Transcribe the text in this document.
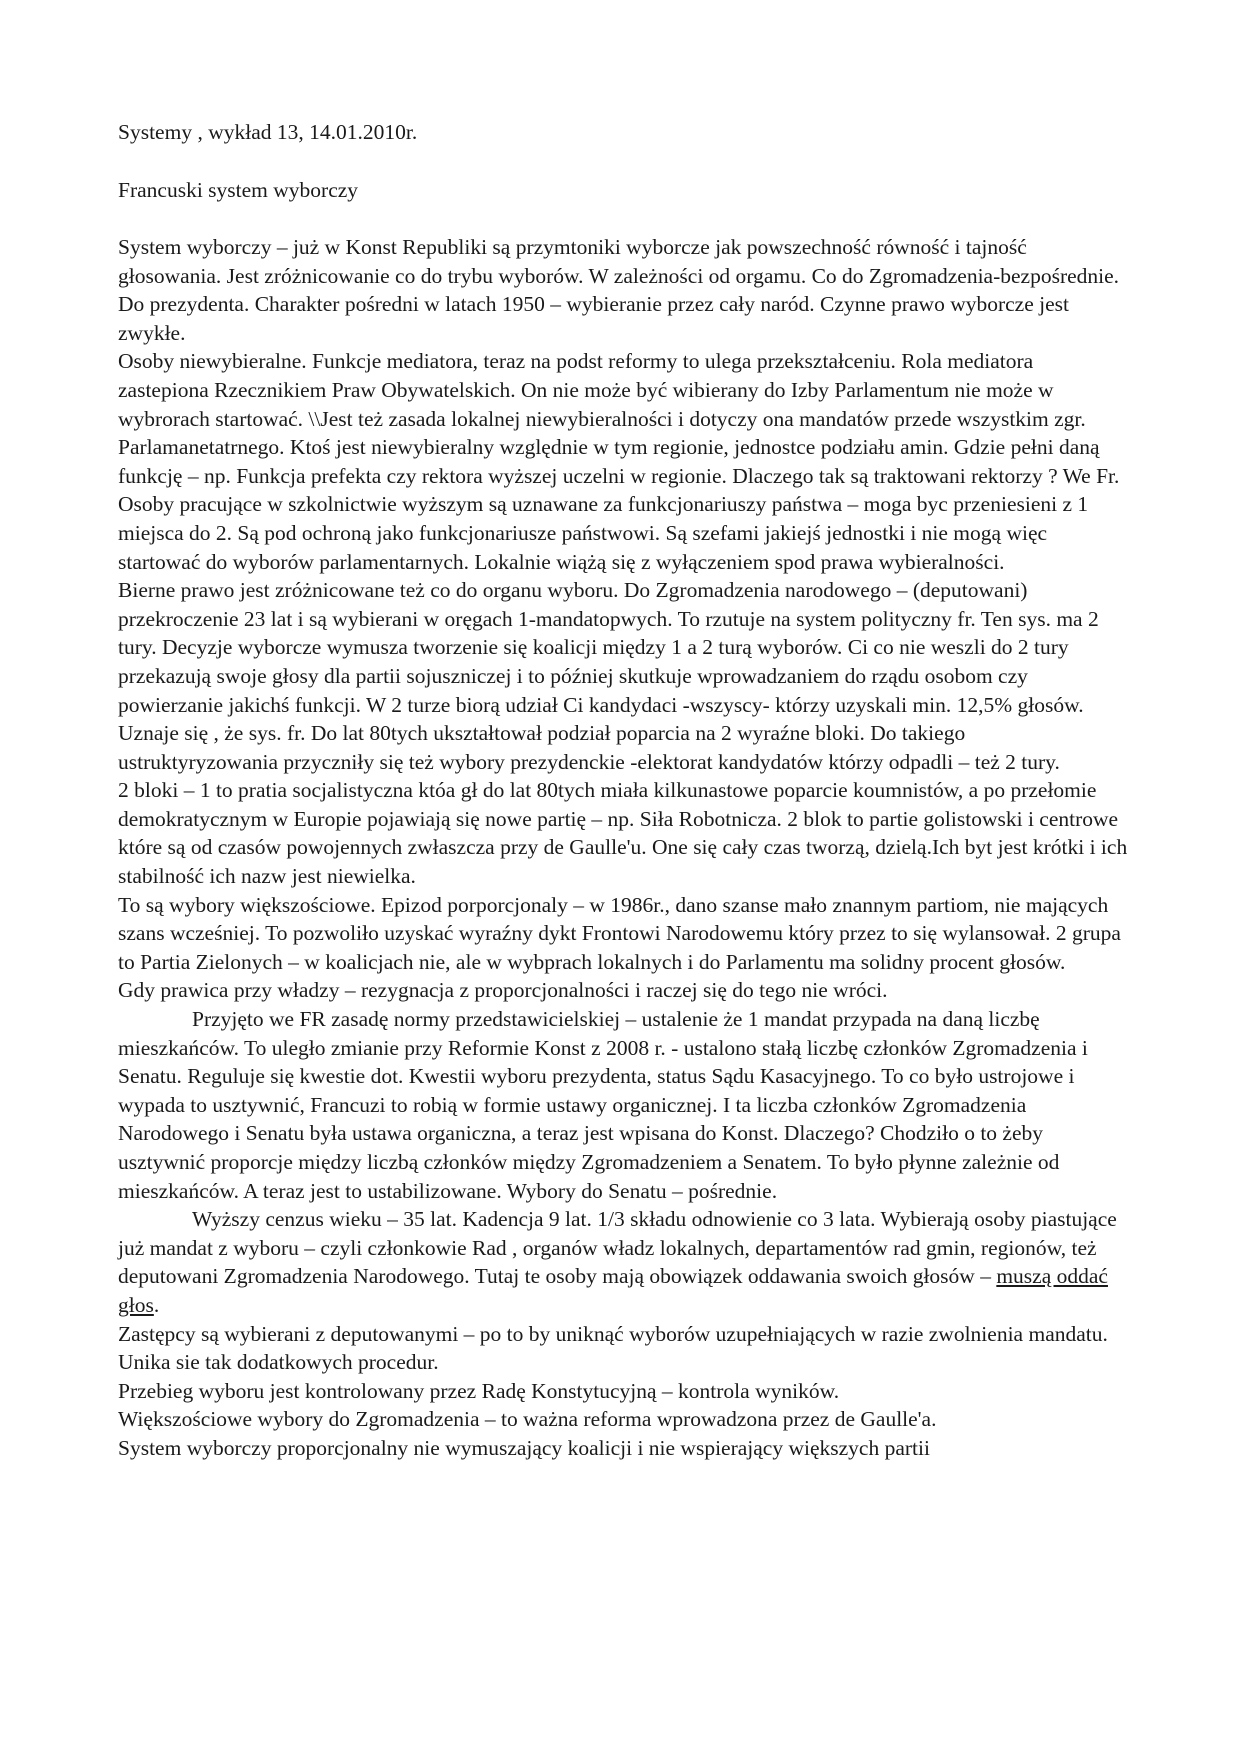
Systemy , wykład 13, 14.01.2010r.

Francuski system wyborczy

System wyborczy – już w Konst Republiki są przymtoniki wyborcze jak powszechność równość i tajność głosowania. Jest zróżnicowanie co do trybu wyborów. W zależności od orgamu. Co do Zgromadzenia-bezpośrednie. Do prezydenta. Charakter pośredni w latach 1950 – wybieranie przez cały naród. Czynne prawo wyborcze jest zwykłe.

Osoby niewybieralne. Funkcje mediatora, teraz na podst reformy to ulega przekształceniu. Rola mediatora zastepiona Rzecznikiem Praw Obywatelskich. On nie może być wibierany do Izby Parlamentum nie może w wybrorach startować. \\Jest też zasada lokalnej niewybieralności i dotyczy ona mandatów przede wszystkim zgr. Parlamanetatrnego. Ktoś jest niewybieralny względnie w tym regionie, jednostce podziału amin. Gdzie pełni daną funkcję – np. Funkcja prefekta czy rektora wyższej uczelni w regionie. Dlaczego tak są traktowani rektorzy ? We Fr. Osoby pracujące w szkolnictwie wyższym są uznawane za funkcjonariuszy państwa – moga byc przeniesieni z 1 miejsca do 2. Są pod ochroną jako funkcjonariusze państwowi. Są szefami jakiejś jednostki i nie mogą więc startować do wyborów parlamentarnych. Lokalnie wiążą się z wyłączeniem spod prawa wybieralności.

Bierne prawo jest zróżnicowane też co do organu wyboru. Do Zgromadzenia narodowego – (deputowani) przekroczenie 23 lat i są wybierani w oręgach 1-mandatopwych. To rzutuje na system polityczny fr. Ten sys. ma 2 tury. Decyzje wyborcze wymusza tworzenie się koalicji między 1 a 2 turą wyborów. Ci co nie weszli do 2 tury przekazują swoje głosy dla partii sojuszniczej i to później skutkuje wprowadzaniem do rządu osobom czy powierzanie jakichś funkcji. W 2 turze biorą udział Ci kandydaci -wszyscy- którzy uzyskali min. 12,5% głosów. Uznaje się , że sys. fr. Do lat 80tych ukształtował podział poparcia na 2 wyraźne bloki. Do takiego ustruktyryzowania przyczniły się też wybory prezydenckie -elektorat kandydatów którzy odpadli – też 2 tury.

2 bloki – 1 to pratia socjalistyczna któa gł do lat 80tych miała kilkunastowe poparcie koumnistów, a po przełomie demokratycznym w Europie pojawiają się nowe partię – np. Siła Robotnicza. 2 blok to partie golistowski i centrowe które są od czasów powojennych zwłaszcza przy de Gaulle'u. One się cały czas tworzą, dzielą.Ich byt jest krótki i ich stabilność ich nazw jest niewielka.

To są wybory większościowe. Epizod porporcjonaly – w 1986r., dano szanse mało znannym partiom, nie mających szans wcześniej. To pozwoliło uzyskać wyraźny dykt Frontowi Narodowemu który przez to się wylansował. 2 grupa to Partia Zielonych – w koalicjach nie, ale w wybprach lokalnych i do Parlamentu ma solidny procent głosów.

Gdy prawica przy władzy – rezygnacja z proporcjonalności i raczej się do tego nie wróci.

Przyjęto we FR zasadę normy przedstawicielskiej – ustalenie że 1 mandat przypada na daną liczbę mieszkańców. To uległo zmianie przy Reformie Konst z 2008 r. - ustalono stałą liczbę członków Zgromadzenia i Senatu. Reguluje się kwestie dot. Kwestii wyboru prezydenta, status Sądu Kasacyjnego. To co było ustrojowe i wypada to usztywnić, Francuzi to robią w formie ustawy organicznej. I ta liczba członków Zgromadzenia Narodowego i Senatu była ustawa organiczna, a teraz jest wpisana do Konst. Dlaczego? Chodziło o to żeby usztywnić proporcje między liczbą członków między Zgromadzeniem a Senatem. To było płynne zależnie od mieszkańców. A teraz jest to ustabilizowane. Wybory do Senatu – pośrednie.

Wyższy cenzus wieku – 35 lat. Kadencja 9 lat. 1/3 składu odnowienie co 3 lata. Wybierają osoby piastujące już mandat z wyboru – czyli członkowie Rad , organów władz lokalnych, departamentów rad gmin, regionów, też deputowani Zgromadzenia Narodowego. Tutaj te osoby mają obowiązek oddawania swoich głosów – muszą oddać głos.

Zastępcy są wybierani z deputowanymi – po to by uniknąć wyborów uzupełniających w razie zwolnienia mandatu. Unika sie tak dodatkowych procedur.

Przebieg wyboru jest kontrolowany przez Radę Konstytucyjną – kontrola wyników.

Większościowe wybory do Zgromadzenia – to ważna reforma wprowadzona przez de Gaulle'a.

System wyborczy proporcjonalny nie wymuszający koalicji i nie wspierający większych partii
